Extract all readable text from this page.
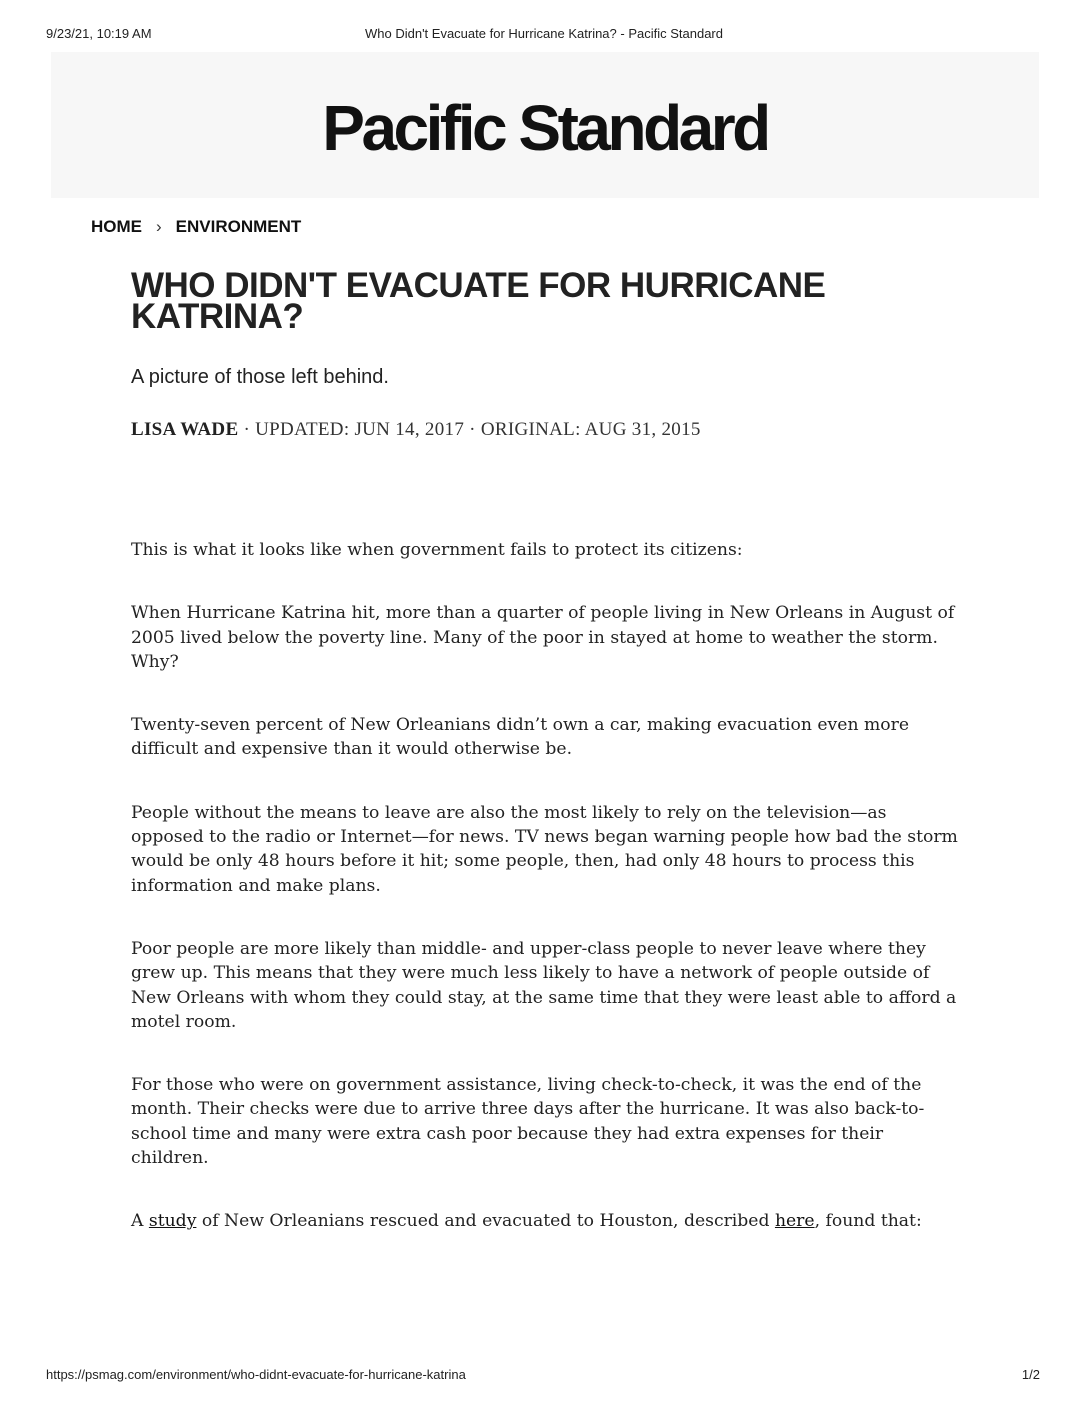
9/23/21, 10:19 AM	Who Didn't Evacuate for Hurricane Katrina? - Pacific Standard
Pacific Standard
HOME › ENVIRONMENT
WHO DIDN'T EVACUATE FOR HURRICANE KATRINA?

A picture of those left behind.

LISA WADE · UPDATED: JUN 14, 2017 · ORIGINAL: AUG 31, 2015

This is what it looks like when government fails to protect its citizens:

When Hurricane Katrina hit, more than a quarter of people living in New Orleans in August of 2005 lived below the poverty line. Many of the poor in stayed at home to weather the storm. Why?

Twenty-seven percent of New Orleanians didn’t own a car, making evacuation even more difficult and expensive than it would otherwise be.

People without the means to leave are also the most likely to rely on the television—as opposed to the radio or Internet—for news. TV news began warning people how bad the storm would be only 48 hours before it hit; some people, then, had only 48 hours to process this information and make plans.

Poor people are more likely than middle- and upper-class people to never leave where they grew up. This means that they were much less likely to have a network of people outside of New Orleans with whom they could stay, at the same time that they were least able to afford a motel room.

For those who were on government assistance, living check-to-check, it was the end of the month. Their checks were due to arrive three days after the hurricane. It was also back-to-school time and many were extra cash poor because they had extra expenses for their children.

A study of New Orleanians rescued and evacuated to Houston, described here, found that:

https://psmag.com/environment/who-didnt-evacuate-for-hurricane-katrina	1/2
